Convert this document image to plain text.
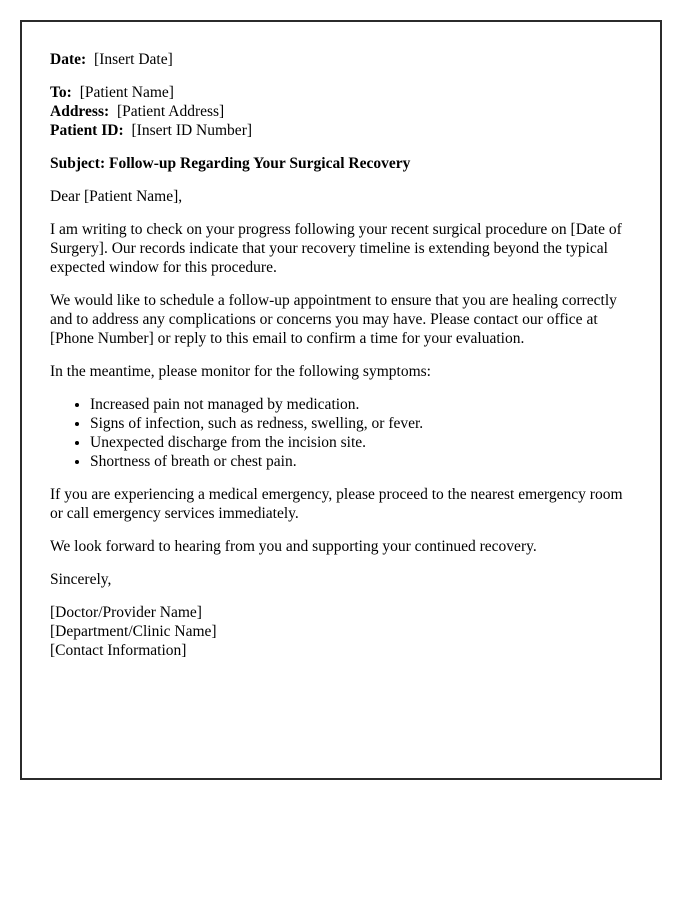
Date: [Insert Date]

To: [Patient Name]
Address: [Patient Address]
Patient ID: [Insert ID Number]

Subject: Follow-up Regarding Your Surgical Recovery

Dear [Patient Name],

I am writing to check on your progress following your recent surgical procedure on [Date of Surgery]. Our records indicate that your recovery timeline is extending beyond the typical expected window for this procedure.

We would like to schedule a follow-up appointment to ensure that you are healing correctly and to address any complications or concerns you may have. Please contact our office at [Phone Number] or reply to this email to confirm a time for your evaluation.

In the meantime, please monitor for the following symptoms:

• Increased pain not managed by medication.
• Signs of infection, such as redness, swelling, or fever.
• Unexpected discharge from the incision site.
• Shortness of breath or chest pain.

If you are experiencing a medical emergency, please proceed to the nearest emergency room or call emergency services immediately.

We look forward to hearing from you and supporting your continued recovery.

Sincerely,

[Doctor/Provider Name]
[Department/Clinic Name]
[Contact Information]
